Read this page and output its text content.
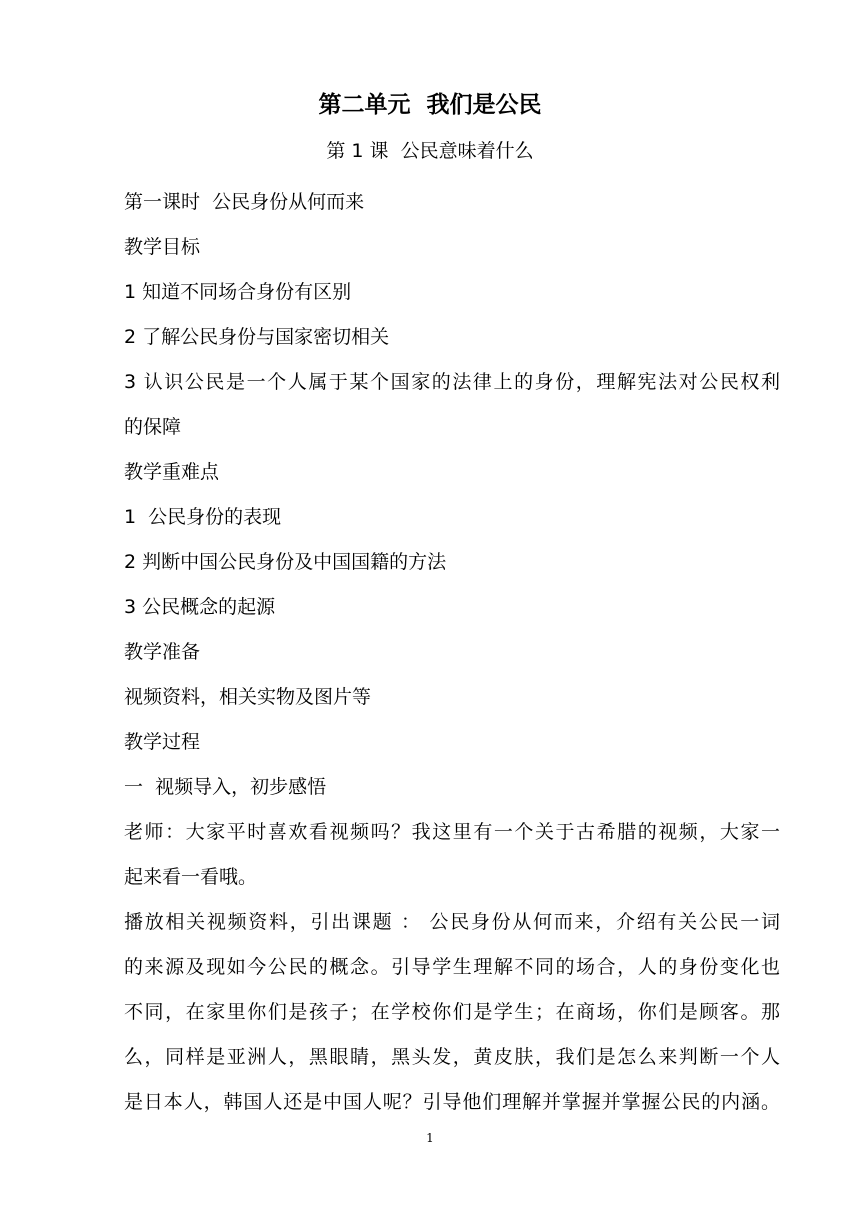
第二单元  我们是公民
第 1 课  公民意味着什么
第一课时  公民身份从何而来
教学目标
1 知道不同场合身份有区别
2 了解公民身份与国家密切相关
3 认识公民是一个人属于某个国家的法律上的身份，理解宪法对公民权利
的保障
教学重难点
1  公民身份的表现
2 判断中国公民身份及中国国籍的方法
3 公民概念的起源
教学准备
视频资料，相关实物及图片等
教学过程
一  视频导入，初步感悟
老师：大家平时喜欢看视频吗？我这里有一个关于古希腊的视频，大家一
起来看一看哦。
播放相关视频资料，引出课题 ： 公民身份从何而来，介绍有关公民一词
的来源及现如今公民的概念。引导学生理解不同的场合，人的身份变化也
不同，在家里你们是孩子；在学校你们是学生；在商场，你们是顾客。那
么，同样是亚洲人，黑眼睛，黑头发，黄皮肤，我们是怎么来判断一个人
是日本人，韩国人还是中国人呢？引导他们理解并掌握并掌握公民的内涵。
1
